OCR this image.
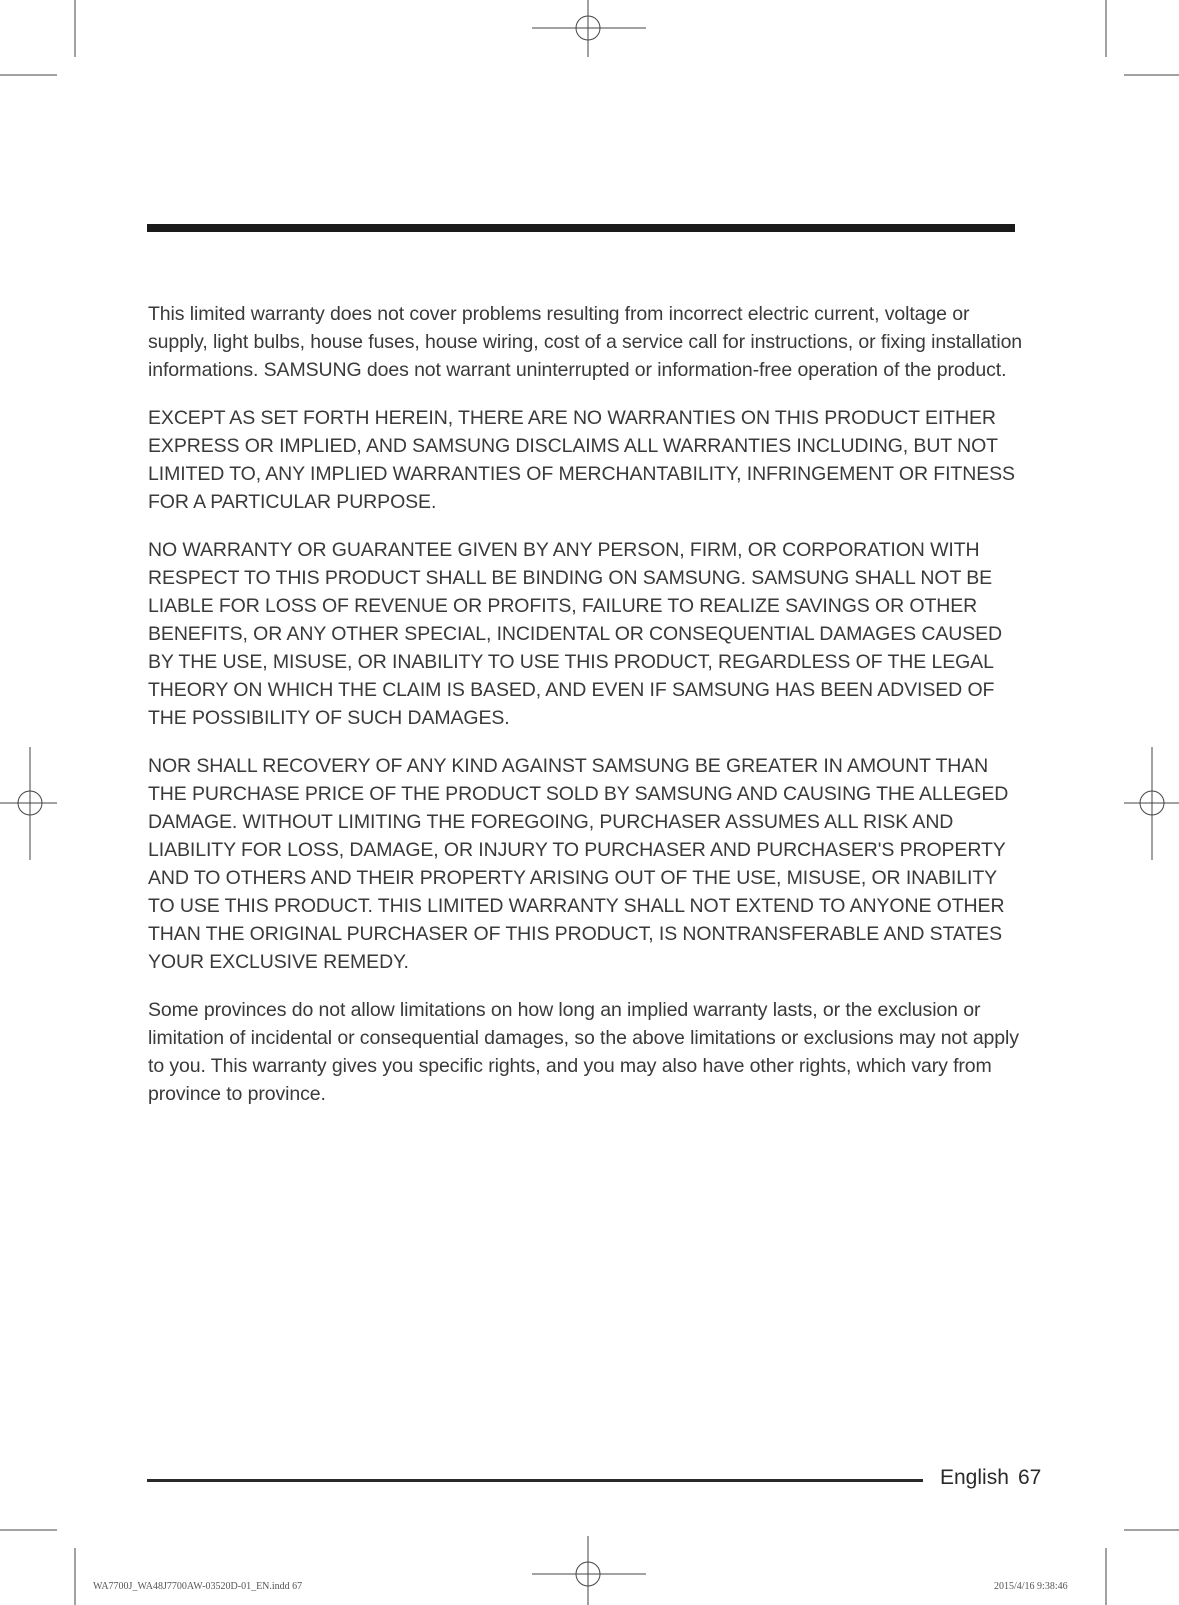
This limited warranty does not cover problems resulting from incorrect electric current, voltage or supply, light bulbs, house fuses, house wiring, cost of a service call for instructions, or fixing installation informations. SAMSUNG does not warrant uninterrupted or information-free operation of the product.

EXCEPT AS SET FORTH HEREIN, THERE ARE NO WARRANTIES ON THIS PRODUCT EITHER EXPRESS OR IMPLIED, AND SAMSUNG DISCLAIMS ALL WARRANTIES INCLUDING, BUT NOT LIMITED TO, ANY IMPLIED WARRANTIES OF MERCHANTABILITY, INFRINGEMENT OR FITNESS FOR A PARTICULAR PURPOSE.

NO WARRANTY OR GUARANTEE GIVEN BY ANY PERSON, FIRM, OR CORPORATION WITH RESPECT TO THIS PRODUCT SHALL BE BINDING ON SAMSUNG. SAMSUNG SHALL NOT BE LIABLE FOR LOSS OF REVENUE OR PROFITS, FAILURE TO REALIZE SAVINGS OR OTHER BENEFITS, OR ANY OTHER SPECIAL, INCIDENTAL OR CONSEQUENTIAL DAMAGES CAUSED BY THE USE, MISUSE, OR INABILITY TO USE THIS PRODUCT, REGARDLESS OF THE LEGAL THEORY ON WHICH THE CLAIM IS BASED, AND EVEN IF SAMSUNG HAS BEEN ADVISED OF THE POSSIBILITY OF SUCH DAMAGES.

NOR SHALL RECOVERY OF ANY KIND AGAINST SAMSUNG BE GREATER IN AMOUNT THAN THE PURCHASE PRICE OF THE PRODUCT SOLD BY SAMSUNG AND CAUSING THE ALLEGED DAMAGE. WITHOUT LIMITING THE FOREGOING, PURCHASER ASSUMES ALL RISK AND LIABILITY FOR LOSS, DAMAGE, OR INJURY TO PURCHASER AND PURCHASER'S PROPERTY AND TO OTHERS AND THEIR PROPERTY ARISING OUT OF THE USE, MISUSE, OR INABILITY TO USE THIS PRODUCT. THIS LIMITED WARRANTY SHALL NOT EXTEND TO ANYONE OTHER THAN THE ORIGINAL PURCHASER OF THIS PRODUCT, IS NONTRANSFERABLE AND STATES YOUR EXCLUSIVE REMEDY.

Some provinces do not allow limitations on how long an implied warranty lasts, or the exclusion or limitation of incidental or consequential damages, so the above limitations or exclusions may not apply to you. This warranty gives you specific rights, and you may also have other rights, which vary from province to province.

English 67
WA7700J_WA48J7700AW-03520D-01_EN.indd 67	2015/4/16 9:38:46
